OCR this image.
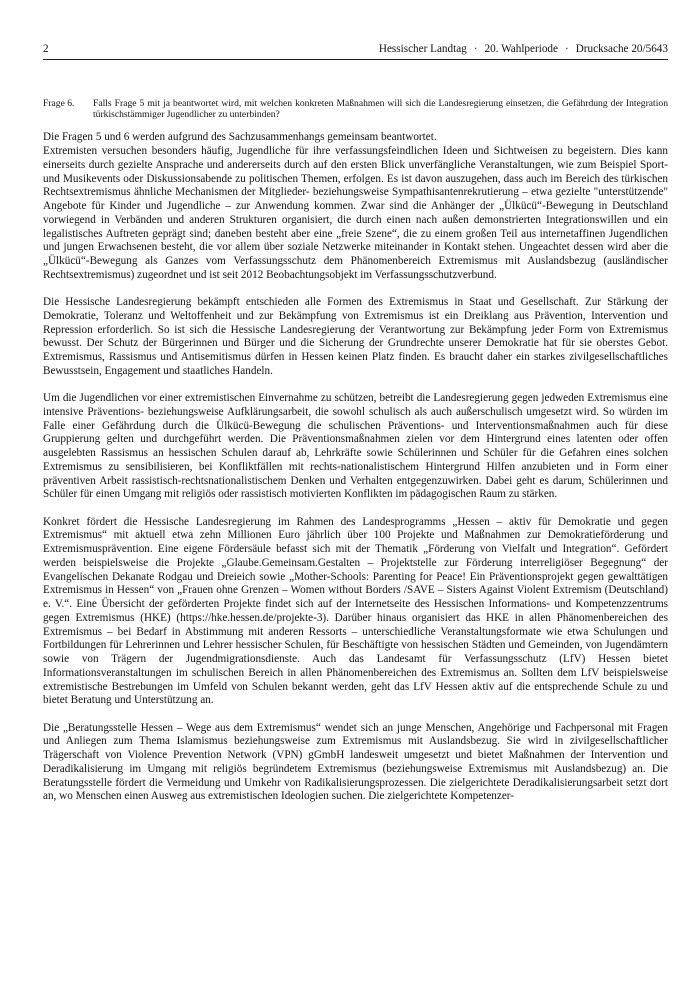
2	Hessischer Landtag · 20. Wahlperiode · Drucksache 20/5643
Frage 6.	Falls Frage 5 mit ja beantwortet wird, mit welchen konkreten Maßnahmen will sich die Landesregierung einsetzen, die Gefährdung der Integration türkischstämmiger Jugendlicher zu unterbinden?

Die Fragen 5 und 6 werden aufgrund des Sachzusammenhangs gemeinsam beantwortet.

Extremisten versuchen besonders häufig, Jugendliche für ihre verfassungsfeindlichen Ideen und Sichtweisen zu begeistern. Dies kann einerseits durch gezielte Ansprache und andererseits durch auf den ersten Blick unverfängliche Veranstaltungen, wie zum Beispiel Sport- und Musikevents oder Diskussionsabende zu politischen Themen, erfolgen. Es ist davon auszugehen, dass auch im Bereich des türkischen Rechtsextremismus ähnliche Mechanismen der Mitglieder- beziehungsweise Sympathisantenrekrutierung – etwa gezielte "unterstützende" Angebote für Kinder und Jugendliche – zur Anwendung kommen. Zwar sind die Anhänger der „Ülkücü“-Bewegung in Deutschland vorwiegend in Verbänden und anderen Strukturen organisiert, die durch einen nach außen demonstrierten Integrationswillen und ein legalistisches Auftreten geprägt sind; daneben besteht aber eine „freie Szene“, die zu einem großen Teil aus internetaffinen Jugendlichen und jungen Erwachsenen besteht, die vor allem über soziale Netzwerke miteinander in Kontakt stehen. Ungeachtet dessen wird aber die „Ülkücü“-Bewegung als Ganzes vom Verfassungsschutz dem Phänomenbereich Extremismus mit Auslandsbezug (ausländischer Rechtsextremismus) zugeordnet und ist seit 2012 Beobachtungsobjekt im Verfassungsschutzverbund.

Die Hessische Landesregierung bekämpft entschieden alle Formen des Extremismus in Staat und Gesellschaft. Zur Stärkung der Demokratie, Toleranz und Weltoffenheit und zur Bekämpfung von Extremismus ist ein Dreiklang aus Prävention, Intervention und Repression erforderlich. So ist sich die Hessische Landesregierung der Verantwortung zur Bekämpfung jeder Form von Extremismus bewusst. Der Schutz der Bürgerinnen und Bürger und die Sicherung der Grundrechte unserer Demokratie hat für sie oberstes Gebot. Extremismus, Rassismus und Antisemitismus dürfen in Hessen keinen Platz finden. Es braucht daher ein starkes zivilgesellschaftliches Bewusstsein, Engagement und staatliches Handeln.

Um die Jugendlichen vor einer extremistischen Einvernahme zu schützen, betreibt die Landesregierung gegen jedweden Extremismus eine intensive Präventions- beziehungsweise Aufklärungsarbeit, die sowohl schulisch als auch außerschulisch umgesetzt wird. So würden im Falle einer Gefährdung durch die Ülkücü-Bewegung die schulischen Präventions- und Interventionsmaßnahmen auch für diese Gruppierung gelten und durchgeführt werden. Die Präventionsmaßnahmen zielen vor dem Hintergrund eines latenten oder offen ausgelebten Rassismus an hessischen Schulen darauf ab, Lehrkräfte sowie Schülerinnen und Schüler für die Gefahren eines solchen Extremismus zu sensibilisieren, bei Konfliktfällen mit rechts-nationalistischem Hintergrund Hilfen anzubieten und in Form einer präventiven Arbeit rassistisch-rechtsnationalistischem Denken und Verhalten entgegenzuwirken. Dabei geht es darum, Schülerinnen und Schüler für einen Umgang mit religiös oder rassistisch motivierten Konflikten im pädagogischen Raum zu stärken.

Konkret fördert die Hessische Landesregierung im Rahmen des Landesprogramms „Hessen – aktiv für Demokratie und gegen Extremismus“ mit aktuell etwa zehn Millionen Euro jährlich über 100 Projekte und Maßnahmen zur Demokratieförderung und Extremismusprävention. Eine eigene Fördersäule befasst sich mit der Thematik „Förderung von Vielfalt und Integration“. Gefördert werden beispielsweise die Projekte „Glaube.Gemeinsam.Gestalten – Projektstelle zur Förderung interreligiöser Begegnung“ der Evangelischen Dekanate Rodgau und Dreieich sowie „Mother-Schools: Parenting for Peace! Ein Präventionsprojekt gegen gewalttätigen Extremismus in Hessen“ von „Frauen ohne Grenzen – Women without Borders /SAVE – Sisters Against Violent Extremism (Deutschland) e. V.“. Eine Übersicht der geförderten Projekte findet sich auf der Internetseite des Hessischen Informations- und Kompetenzzentrums gegen Extremismus (HKE) (https://hke.hessen.de/projekte-3). Darüber hinaus organisiert das HKE in allen Phänomenbereichen des Extremismus – bei Bedarf in Abstimmung mit anderen Ressorts – unterschiedliche Veranstaltungsformate wie etwa Schulungen und Fortbildungen für Lehrerinnen und Lehrer hessischer Schulen, für Beschäftigte von hessischen Städten und Gemeinden, von Jugendämtern sowie von Trägern der Jugendmigrationsdienste. Auch das Landesamt für Verfassungsschutz (LfV) Hessen bietet Informationsveranstaltungen im schulischen Bereich in allen Phänomenbereichen des Extremismus an. Sollten dem LfV beispielsweise extremistische Bestrebungen im Umfeld von Schulen bekannt werden, geht das LfV Hessen aktiv auf die entsprechende Schule zu und bietet Beratung und Unterstützung an.

Die „Beratungsstelle Hessen – Wege aus dem Extremismus“ wendet sich an junge Menschen, Angehörige und Fachpersonal mit Fragen und Anliegen zum Thema Islamismus beziehungsweise zum Extremismus mit Auslandsbezug. Sie wird in zivilgesellschaftlicher Trägerschaft von Violence Prevention Network (VPN) gGmbH landesweit umgesetzt und bietet Maßnahmen der Intervention und Deradikalisierung im Umgang mit religiös begründetem Extremismus (beziehungsweise Extremismus mit Auslandsbezug) an. Die Beratungsstelle fördert die Vermeidung und Umkehr von Radikalisierungsprozessen. Die zielgerichtete Deradikalisierungsarbeit setzt dort an, wo Menschen einen Ausweg aus extremistischen Ideologien suchen. Die zielgerichtete Kompetenzer-
